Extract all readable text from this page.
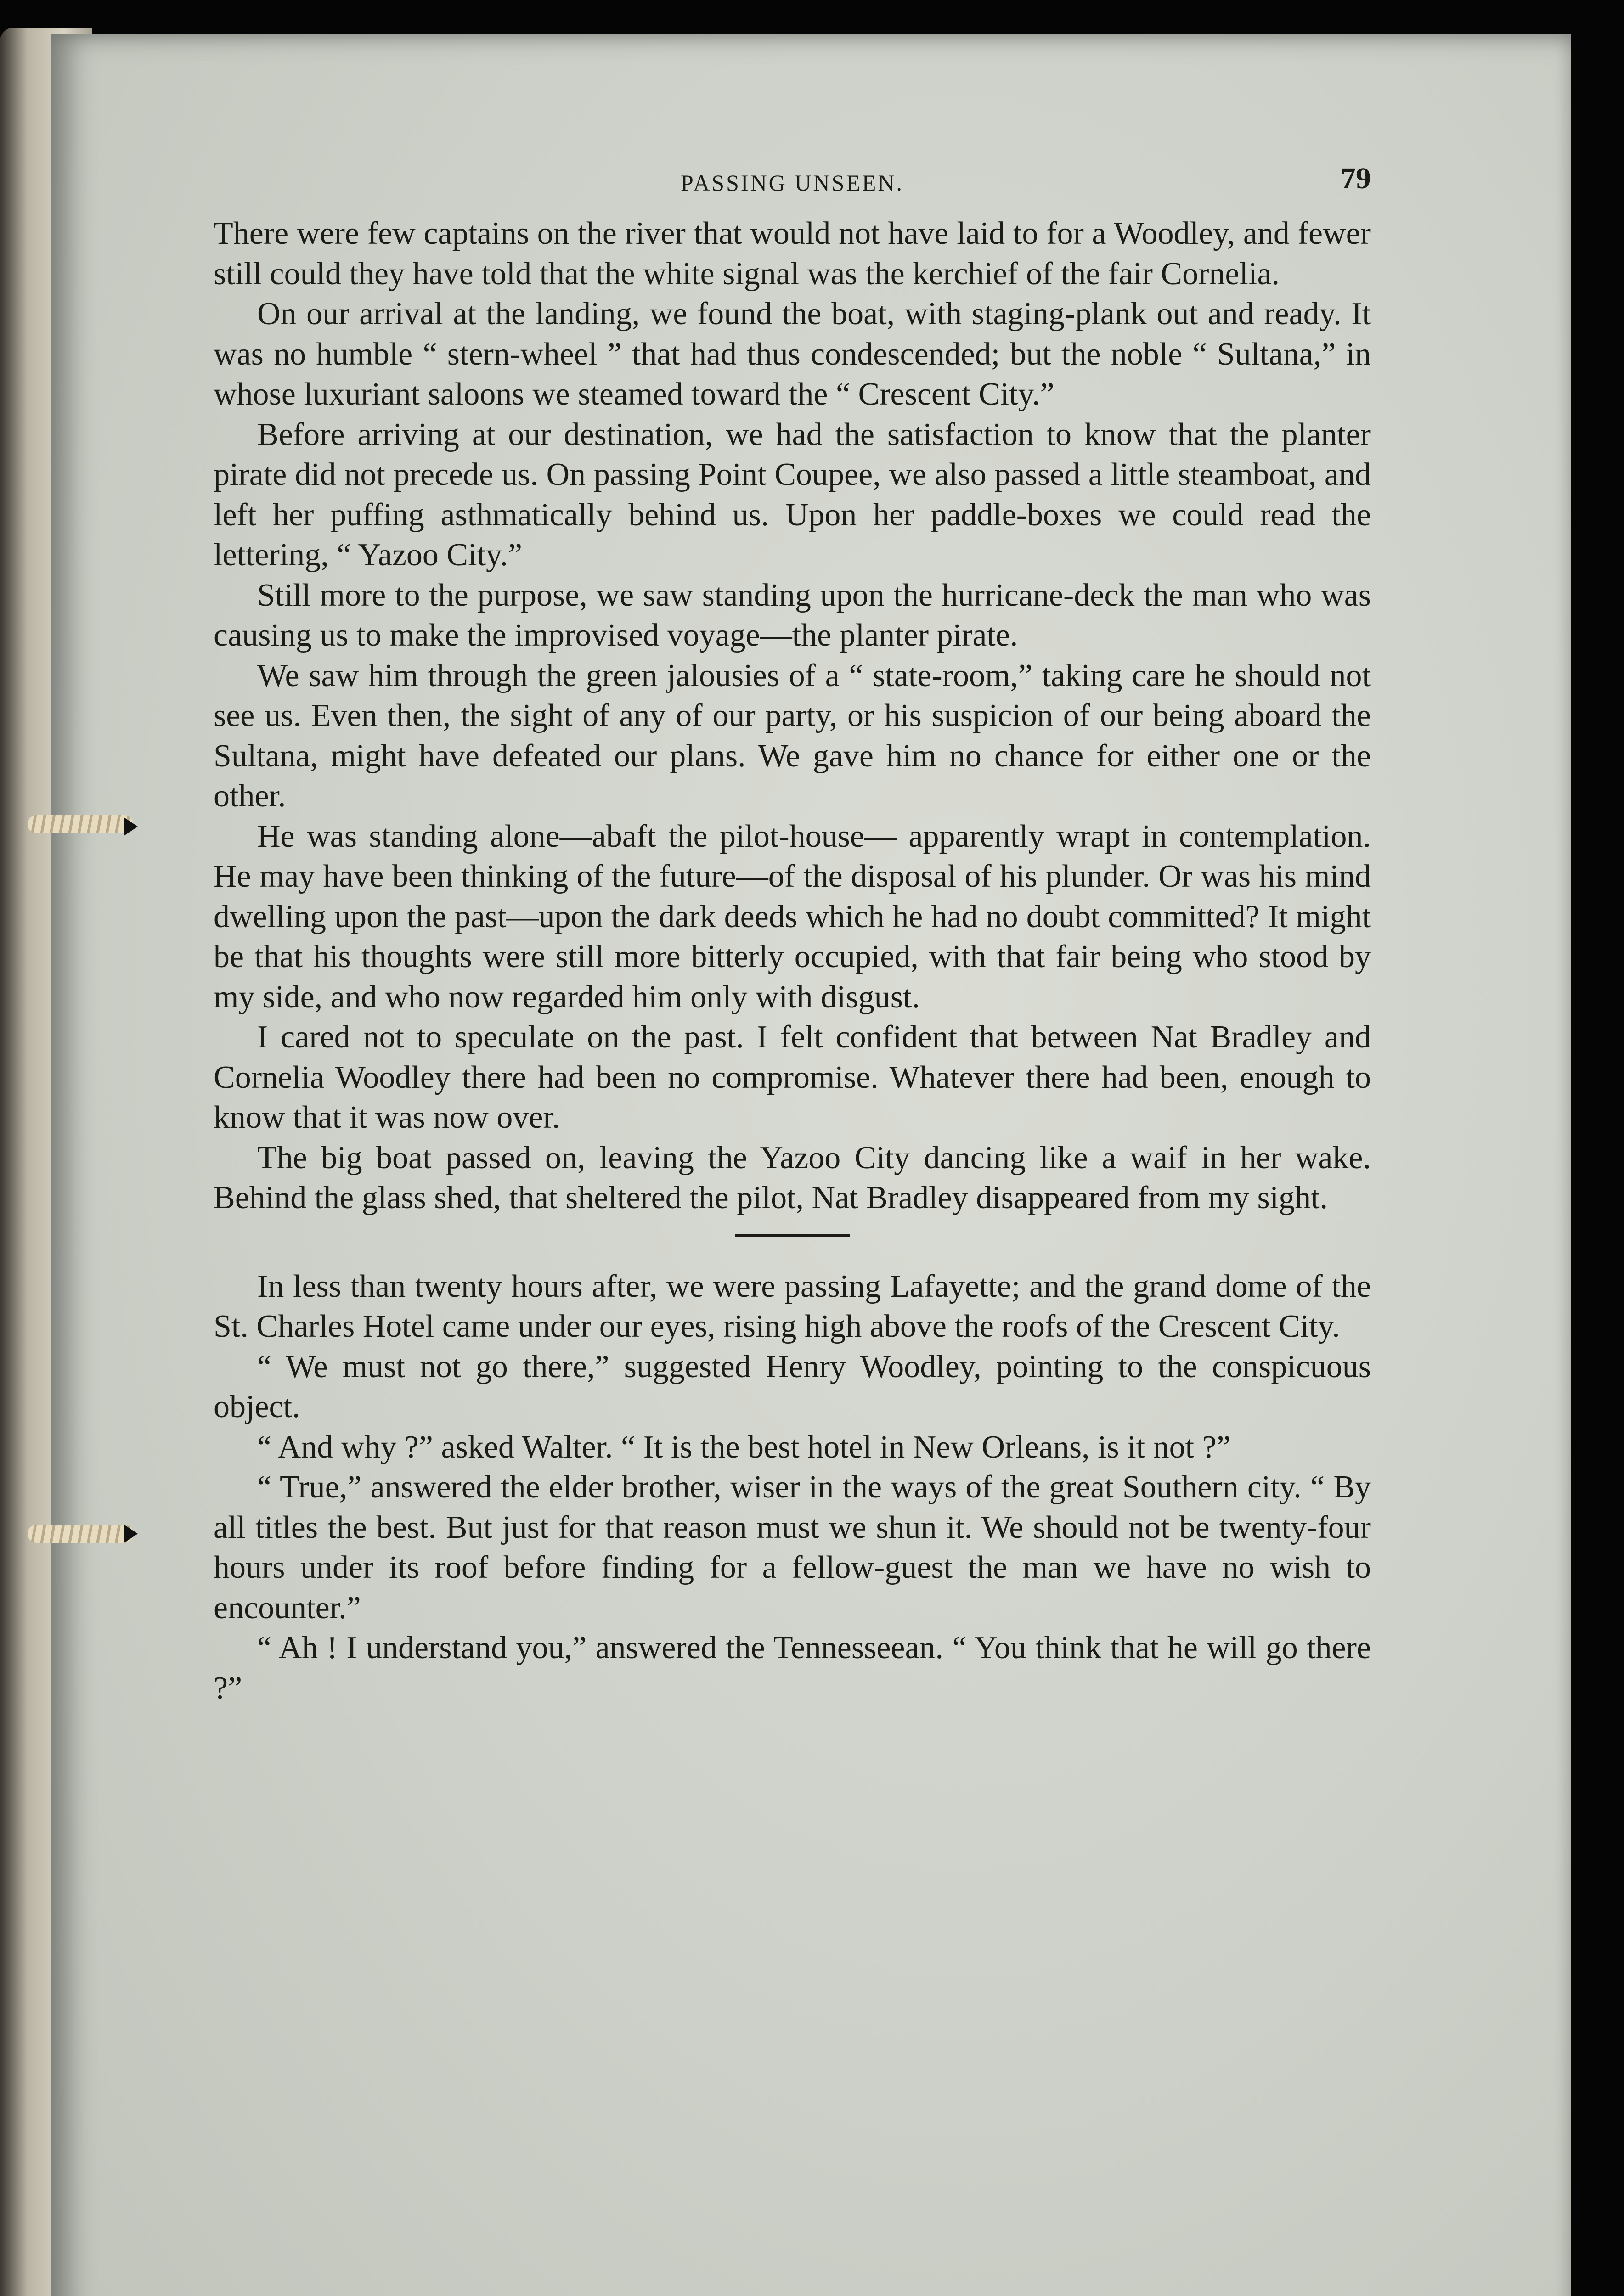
PASSING UNSEEN.	79

There were few captains on the river that would not have laid to for a Woodley, and fewer still could they have told that the white signal was the kerchief of the fair Cornelia.

On our arrival at the landing, we found the boat, with staging-plank out and ready. It was no humble “ stern-wheel ” that had thus condescended; but the noble “ Sultana,” in whose luxuriant saloons we steamed toward the “ Crescent City.”

Before arriving at our destination, we had the satisfaction to know that the planter pirate did not precede us. On passing Point Coupee, we also passed a little steamboat, and left her puffing asthmatically behind us. Upon her paddle-boxes we could read the lettering, “ Yazoo City.”

Still more to the purpose, we saw standing upon the hurricane-deck the man who was causing us to make the improvised voyage—the planter pirate.

We saw him through the green jalousies of a “ state-room,” taking care he should not see us. Even then, the sight of any of our party, or his suspicion of our being aboard the Sultana, might have defeated our plans. We gave him no chance for either one or the other.

He was standing alone—abaft the pilot-house— apparently wrapt in contemplation. He may have been thinking of the future—of the disposal of his plunder. Or was his mind dwelling upon the past—upon the dark deeds which he had no doubt committed? It might be that his thoughts were still more bitterly occupied, with that fair being who stood by my side, and who now regarded him only with disgust.

I cared not to speculate on the past. I felt confident that between Nat Bradley and Cornelia Woodley there had been no compromise. Whatever there had been, enough to know that it was now over.

The big boat passed on, leaving the Yazoo City dancing like a waif in her wake. Behind the glass shed, that sheltered the pilot, Nat Bradley disappeared from my sight.

In less than twenty hours after, we were passing Lafayette; and the grand dome of the St. Charles Hotel came under our eyes, rising high above the roofs of the Crescent City.

“ We must not go there,” suggested Henry Woodley, pointing to the conspicuous object.

“ And why ?” asked Walter. “ It is the best hotel in New Orleans, is it not ?”

“ True,” answered the elder brother, wiser in the ways of the great Southern city. “ By all titles the best. But just for that reason must we shun it. We should not be twenty-four hours under its roof before finding for a fellow-guest the man we have no wish to encounter.”

“ Ah ! I understand you,” answered the Tennesseean. “ You think that he will go there ?”
